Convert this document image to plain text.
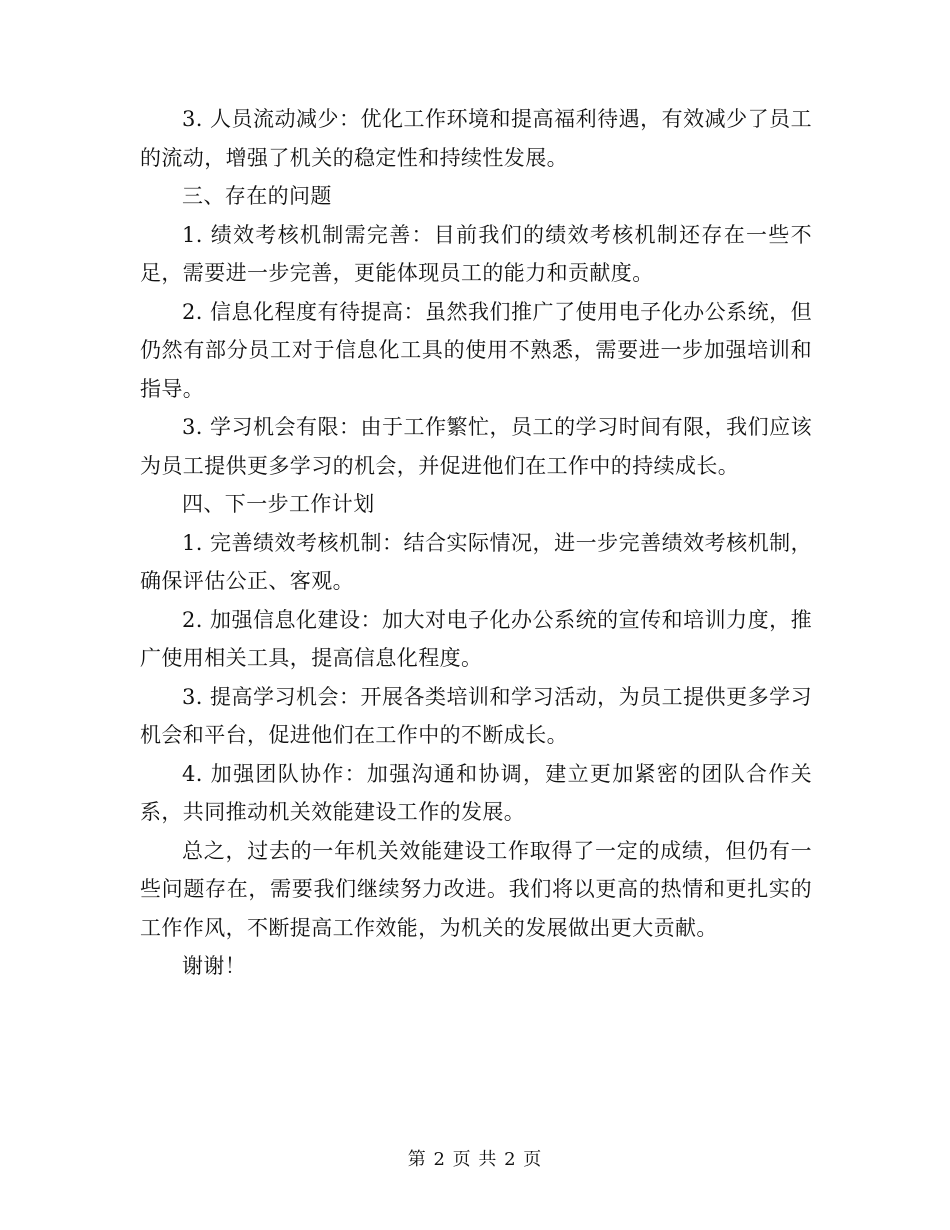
3. 人员流动减少：优化工作环境和提高福利待遇，有效减少了员工的流动，增强了机关的稳定性和持续性发展。

三、存在的问题

1. 绩效考核机制需完善：目前我们的绩效考核机制还存在一些不足，需要进一步完善，更能体现员工的能力和贡献度。

2. 信息化程度有待提高：虽然我们推广了使用电子化办公系统，但仍然有部分员工对于信息化工具的使用不熟悉，需要进一步加强培训和指导。

3. 学习机会有限：由于工作繁忙，员工的学习时间有限，我们应该为员工提供更多学习的机会，并促进他们在工作中的持续成长。

四、下一步工作计划

1. 完善绩效考核机制：结合实际情况，进一步完善绩效考核机制，确保评估公正、客观。

2. 加强信息化建设：加大对电子化办公系统的宣传和培训力度，推广使用相关工具，提高信息化程度。

3. 提高学习机会：开展各类培训和学习活动，为员工提供更多学习机会和平台，促进他们在工作中的不断成长。

4. 加强团队协作：加强沟通和协调，建立更加紧密的团队合作关系，共同推动机关效能建设工作的发展。

总之，过去的一年机关效能建设工作取得了一定的成绩，但仍有一些问题存在，需要我们继续努力改进。我们将以更高的热情和更扎实的工作作风，不断提高工作效能，为机关的发展做出更大贡献。

谢谢！

第 2 页 共 2 页
